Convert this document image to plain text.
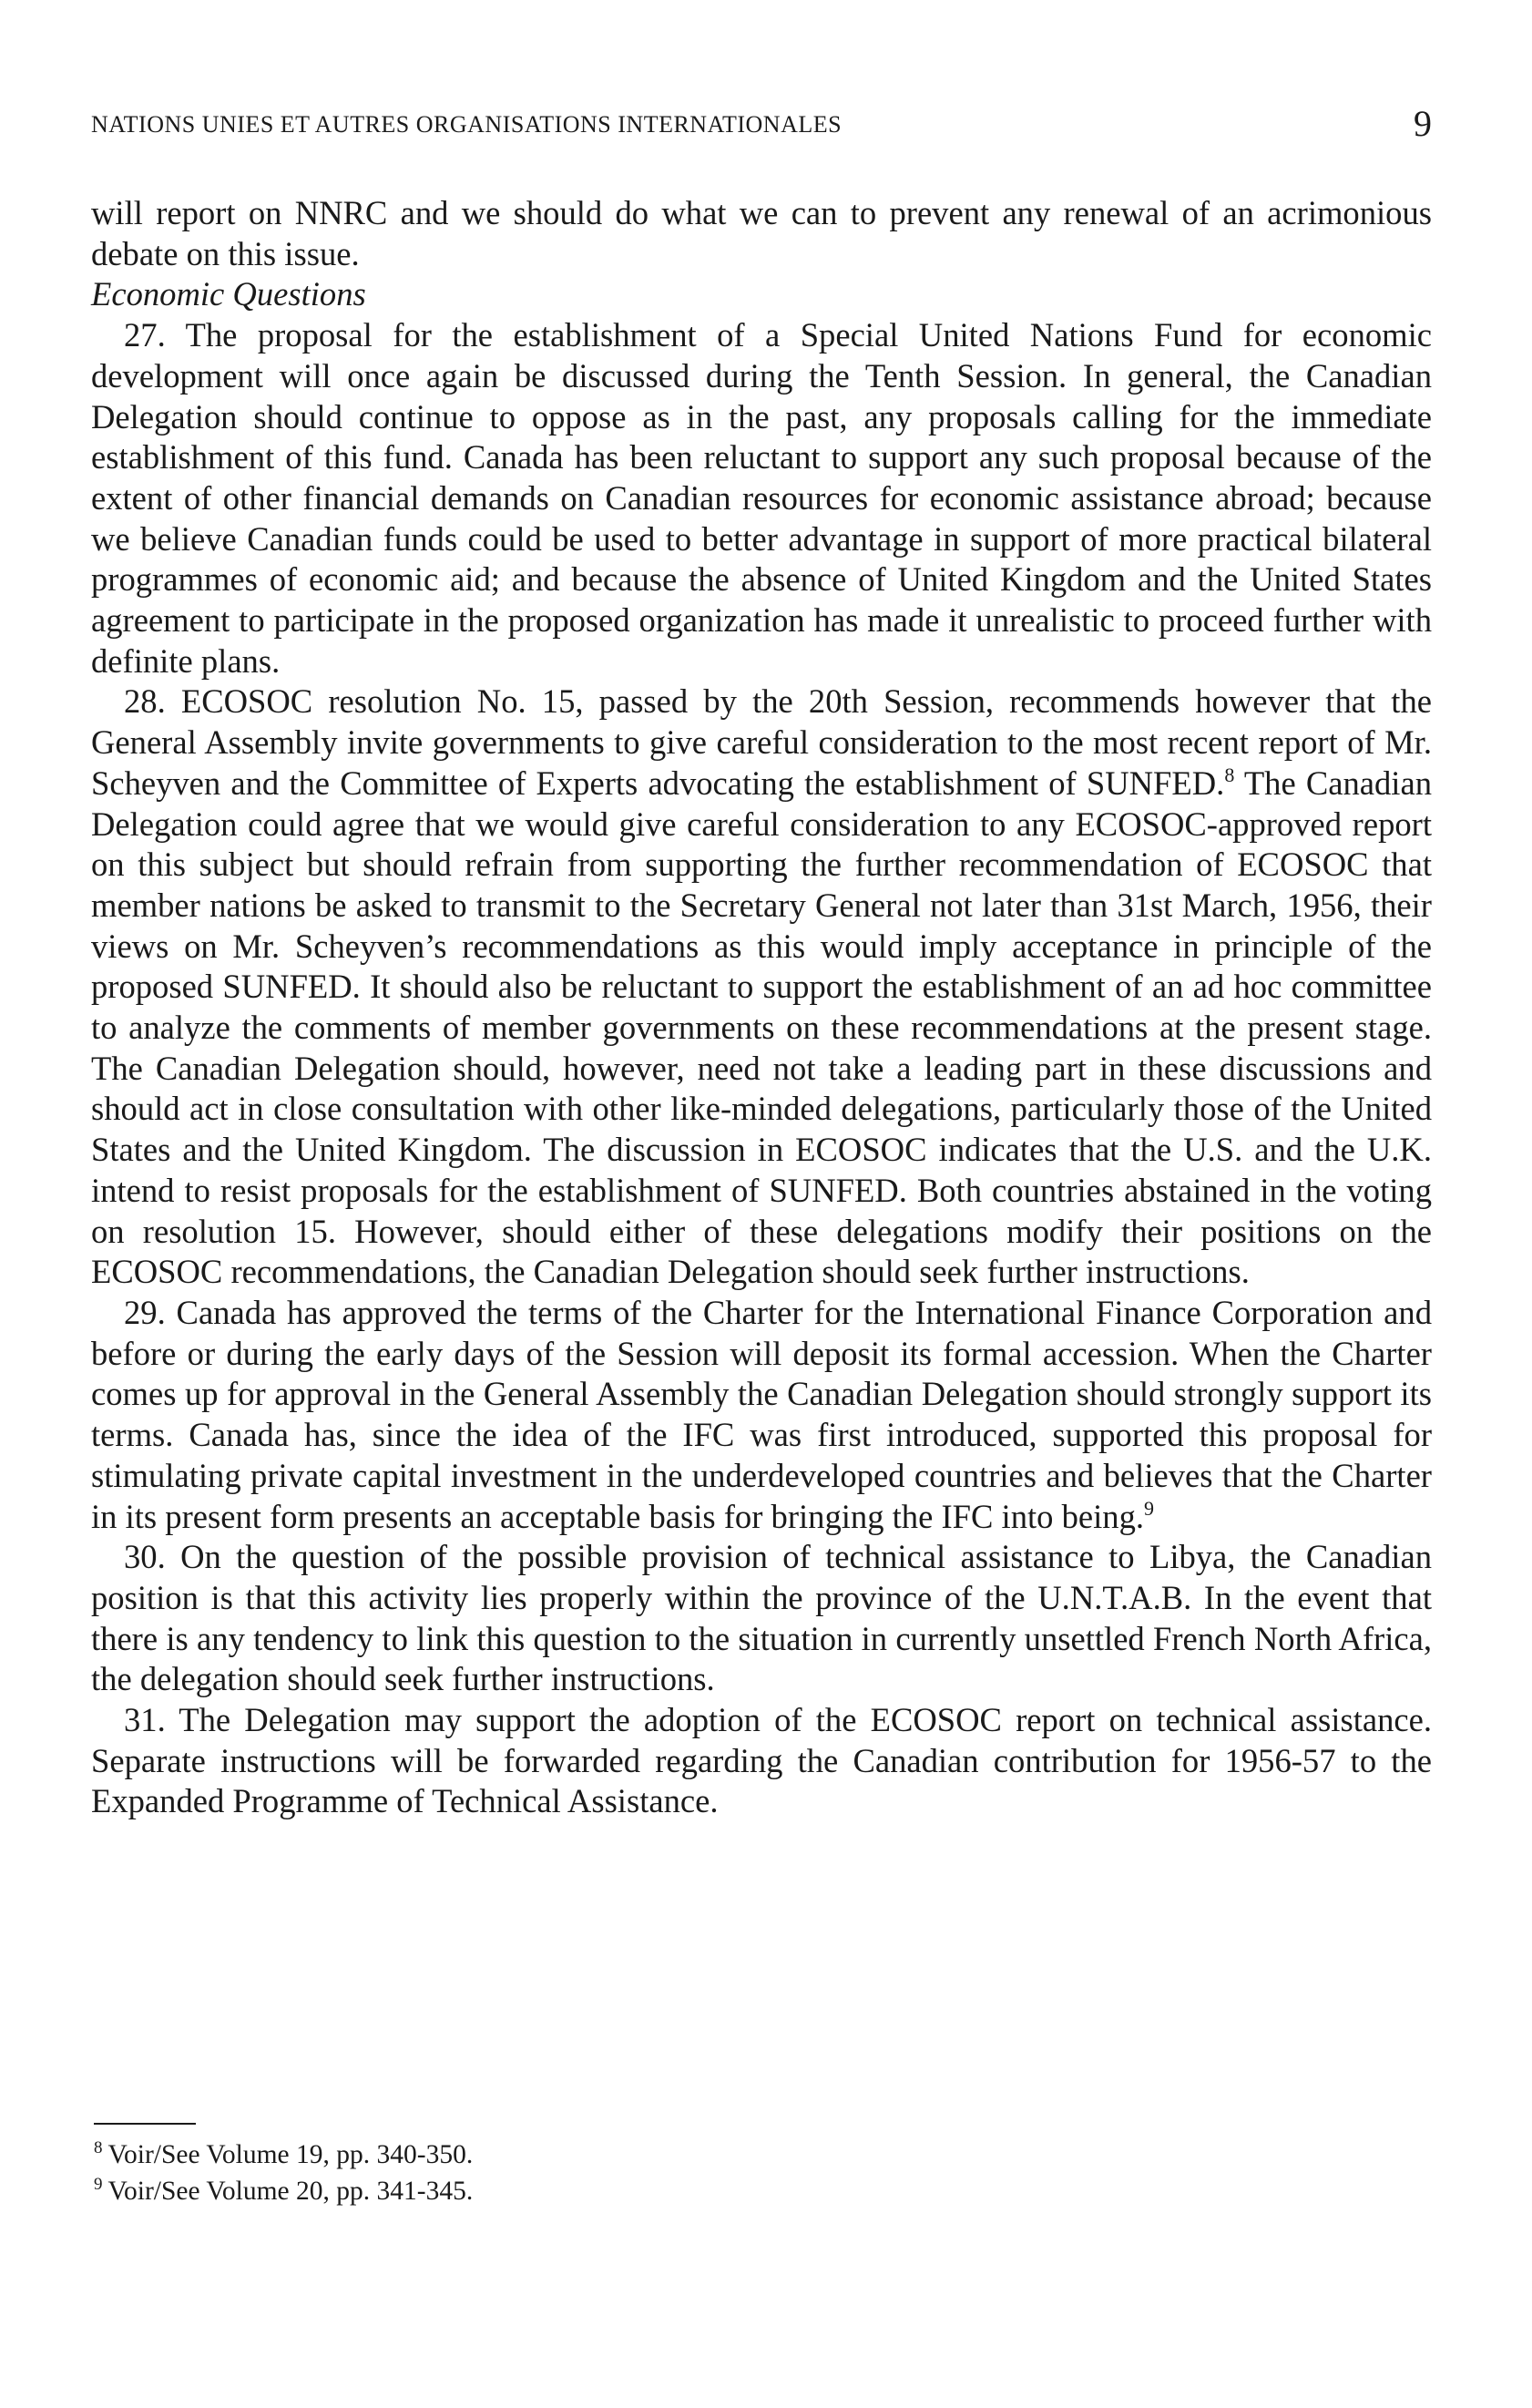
NATIONS UNIES ET AUTRES ORGANISATIONS INTERNATIONALES	9

will report on NNRC and we should do what we can to prevent any renewal of an acrimonious debate on this issue.

Economic Questions

27. The proposal for the establishment of a Special United Nations Fund for economic development will once again be discussed during the Tenth Session. In general, the Canadian Delegation should continue to oppose as in the past, any proposals calling for the immediate establishment of this fund. Canada has been reluctant to support any such proposal because of the extent of other financial demands on Canadian resources for economic assistance abroad; because we believe Canadian funds could be used to better advantage in support of more practical bilateral programmes of economic aid; and because the absence of United Kingdom and the United States agreement to participate in the proposed organization has made it unrealistic to proceed further with definite plans.

28. ECOSOC resolution No. 15, passed by the 20th Session, recommends however that the General Assembly invite governments to give careful consideration to the most recent report of Mr. Scheyven and the Committee of Experts advocating the establishment of SUNFED.$^8$ The Canadian Delegation could agree that we would give careful consideration to any ECOSOC-approved report on this subject but should refrain from supporting the further recommendation of ECOSOC that member nations be asked to transmit to the Secretary General not later than 31st March, 1956, their views on Mr. Scheyven’s recommendations as this would imply acceptance in principle of the proposed SUNFED. It should also be reluctant to support the establishment of an ad hoc committee to analyze the comments of member governments on these recommendations at the present stage. The Canadian Delegation should, however, need not take a leading part in these discussions and should act in close consultation with other like-minded delegations, particularly those of the United States and the United Kingdom. The discussion in ECOSOC indicates that the U.S. and the U.K. intend to resist proposals for the establishment of SUNFED. Both countries abstained in the voting on resolution 15. However, should either of these delegations modify their positions on the ECOSOC recommendations, the Canadian Delegation should seek further instructions.

29. Canada has approved the terms of the Charter for the International Finance Corporation and before or during the early days of the Session will deposit its formal accession. When the Charter comes up for approval in the General Assembly the Canadian Delegation should strongly support its terms. Canada has, since the idea of the IFC was first introduced, supported this proposal for stimulating private capital investment in the underdeveloped countries and believes that the Charter in its present form presents an acceptable basis for bringing the IFC into being.$^9$

30. On the question of the possible provision of technical assistance to Libya, the Canadian position is that this activity lies properly within the province of the U.N.T.A.B. In the event that there is any tendency to link this question to the situation in currently unsettled French North Africa, the delegation should seek further instructions.

31. The Delegation may support the adoption of the ECOSOC report on technical assistance. Separate instructions will be forwarded regarding the Canadian contribution for 1956-57 to the Expanded Programme of Technical Assistance.

$^8$ Voir/See Volume 19, pp. 340-350.

$^9$ Voir/See Volume 20, pp. 341-345.
